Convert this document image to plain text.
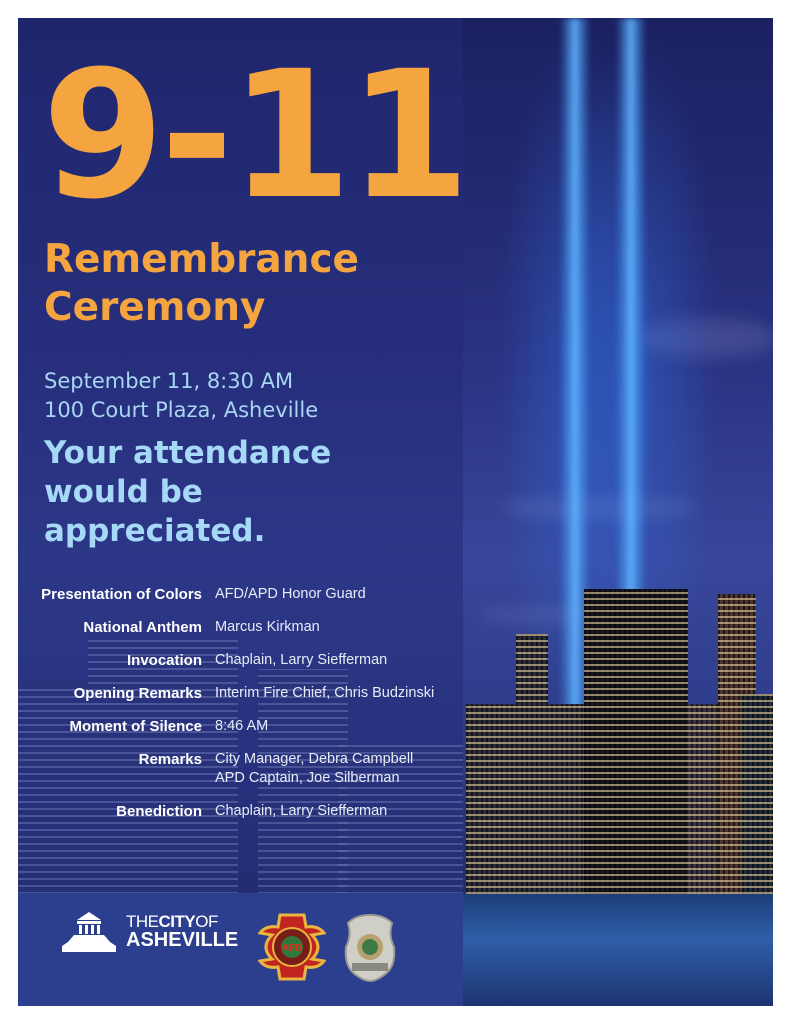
9-11
Remembrance
Ceremony
September 11, 8:30 AM
100 Court Plaza, Asheville
Your attendance
would be
appreciated.
Presentation of Colors AFD/APD Honor Guard
National Anthem Marcus Kirkman
Invocation Chaplain, Larry Siefferman
Opening Remarks Interim Fire Chief, Chris Budzinski
Moment of Silence 8:46 AM
Remarks City Manager, Debra Campbell
APD Captain, Joe Silberman
Benediction Chaplain, Larry Siefferman
THECITYOF
ASHEVILLE	AFD
